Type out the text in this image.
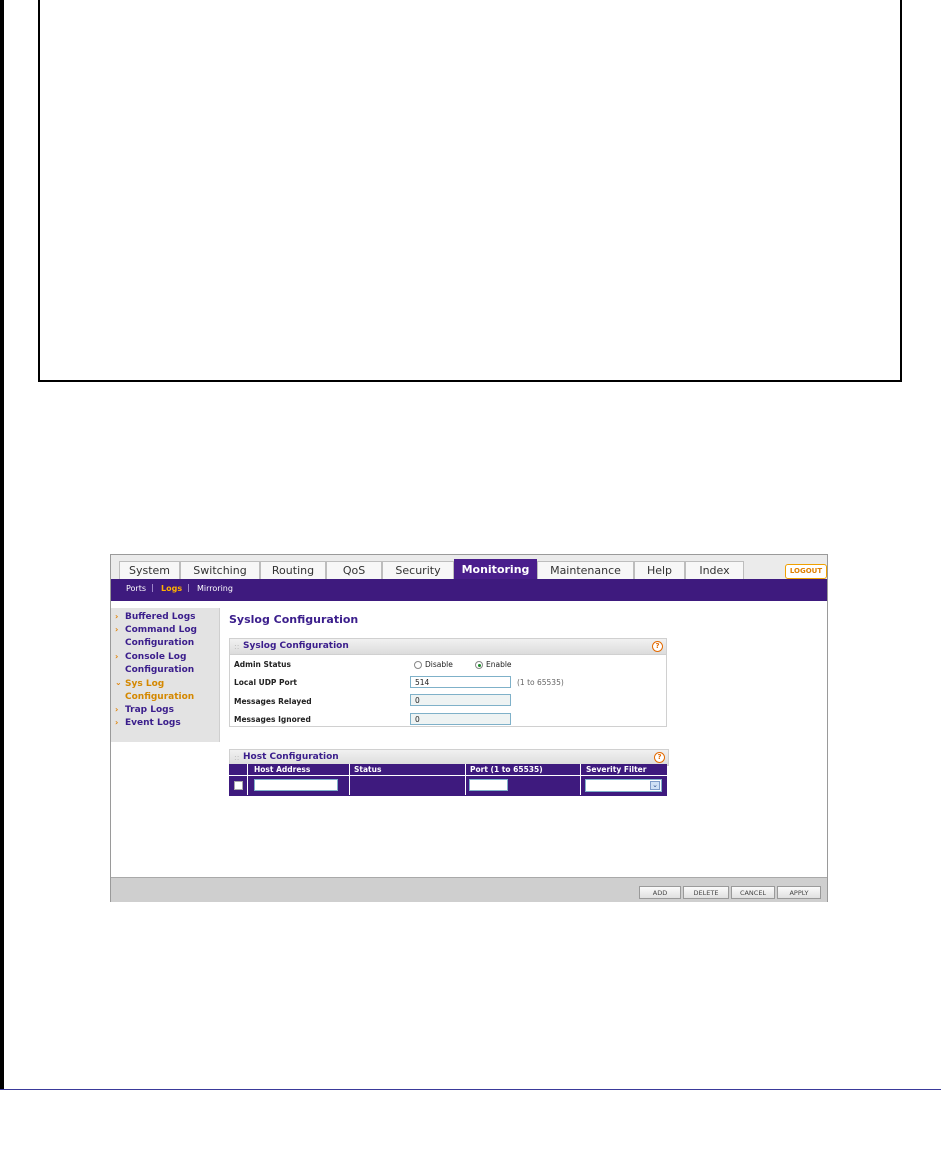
System	Switching	Routing	QoS	Security	Monitoring	Maintenance	Help	Index	LOGOUT
Ports | Logs | Mirroring
› Buffered Logs
› Command Log
Configuration
› Console Log
Configuration
⌄ Sys Log
Configuration
› Trap Logs
› Event Logs
Syslog Configuration
:: Syslog Configuration	?
Admin Status	Disable	Enable
Local UDP Port	514	(1 to 65535)
Messages Relayed	0
Messages Ignored	0
:: Host Configuration	?
Host Address	Status	Port (1 to 65535)	Severity Filter
⌄
ADD	DELETE	CANCEL	APPLY
